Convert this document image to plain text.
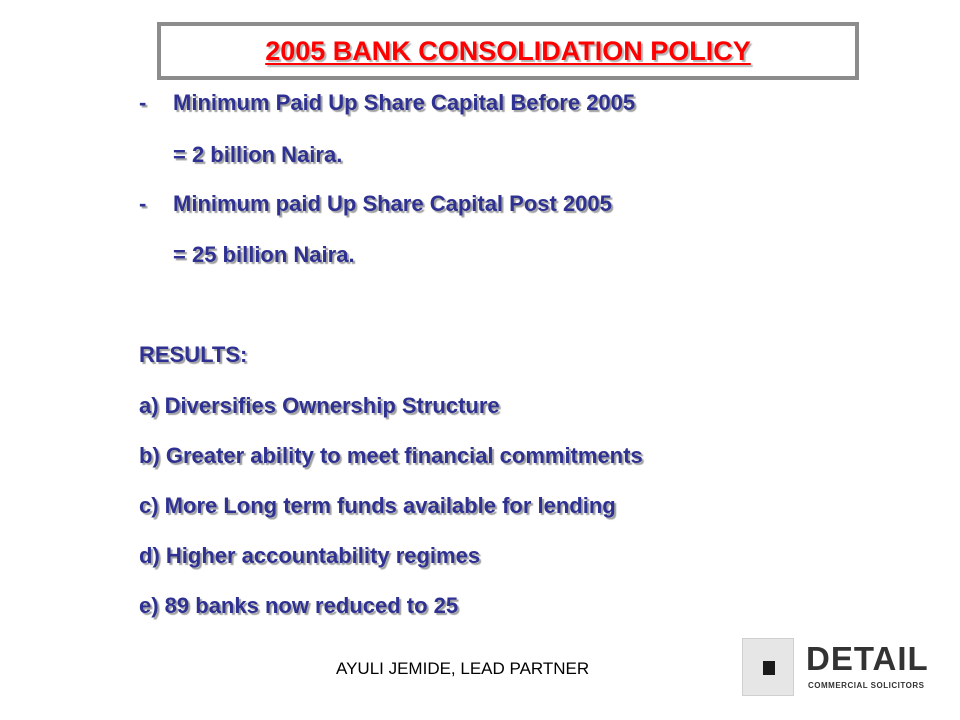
2005 BANK CONSOLIDATION POLICY
- Minimum Paid Up Share Capital Before 2005
= 2 billion Naira.
- Minimum paid Up Share Capital Post 2005
= 25 billion Naira.
RESULTS:
a) Diversifies Ownership Structure
b) Greater ability to meet financial commitments
c) More Long term funds available for lending
d) Higher accountability regimes
e) 89 banks now reduced to 25
AYULI JEMIDE, LEAD PARTNER	DETAIL
COMMERCIAL SOLICITORS
